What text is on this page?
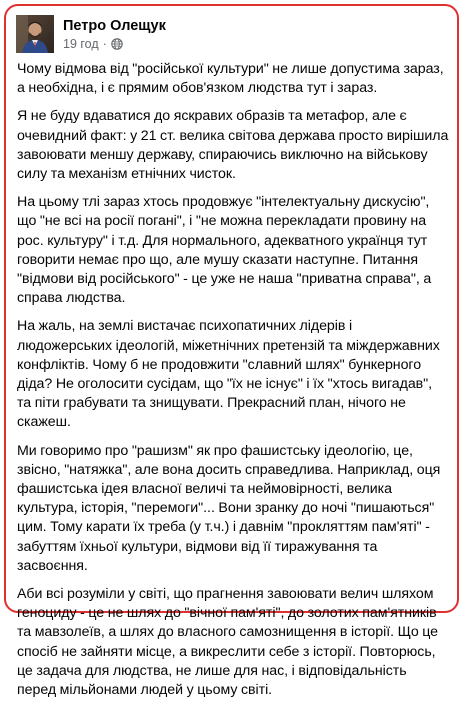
Петро Олещук
19 год ·

Чому відмова від "російської культури" не лише допустима зараз, а необхідна, і є прямим обов'язком людства тут і зараз.

Я не буду вдаватися до яскравих образів та метафор, але є очевидний факт: у 21 ст. велика світова держава просто вирішила завоювати меншу державу, спираючись виключно на військову силу та механізм етнічних чисток.

На цьому тлі зараз хтось продовжує "інтелектуальну дискусію", що "не всі на росії погані", і "не можна перекладати провину на рос. культуру" і т.д. Для нормального, адекватного українця тут говорити немає про що, але мушу сказати наступне. Питання "відмови від російського" - це уже не наша "приватна справа", а справа людства.

На жаль, на землі вистачає психопатичних лідерів і людожерських ідеологій, міжетнічних претензій та міждержавних конфліктів. Чому б не продовжити "славний шлях" бункерного діда? Не оголосити сусідам, що "їх не існує" і їх "хтось вигадав", та піти грабувати та знищувати. Прекрасний план, нічого не скажеш.

Ми говоримо про "рашизм" як про фашистську ідеологію, це, звісно, "натяжка", але вона досить справедлива. Наприклад, оця фашистська ідея власної величі та неймовірності, велика культура, історія, "перемоги"... Вони зранку до ночі "пишаються" цим. Тому карати їх треба (у т.ч.) і давнім "прокляттям пам'яті" - забуттям їхньої культури, відмови від її тиражування та засвоєння.

Аби всі розуміли у світі, що прагнення завоювати велич шляхом геноциду - це не шлях до "вічної пам'яті", до золотих пам'ятників та мавзолеїв, а шлях до власного самознищення в історії. Що це спосіб не зайняти місце, а викреслити себе з історії. Повторюсь, це задача для людства, не лише для нас, і відповідальність перед мільйонами людей у цьому світі.
